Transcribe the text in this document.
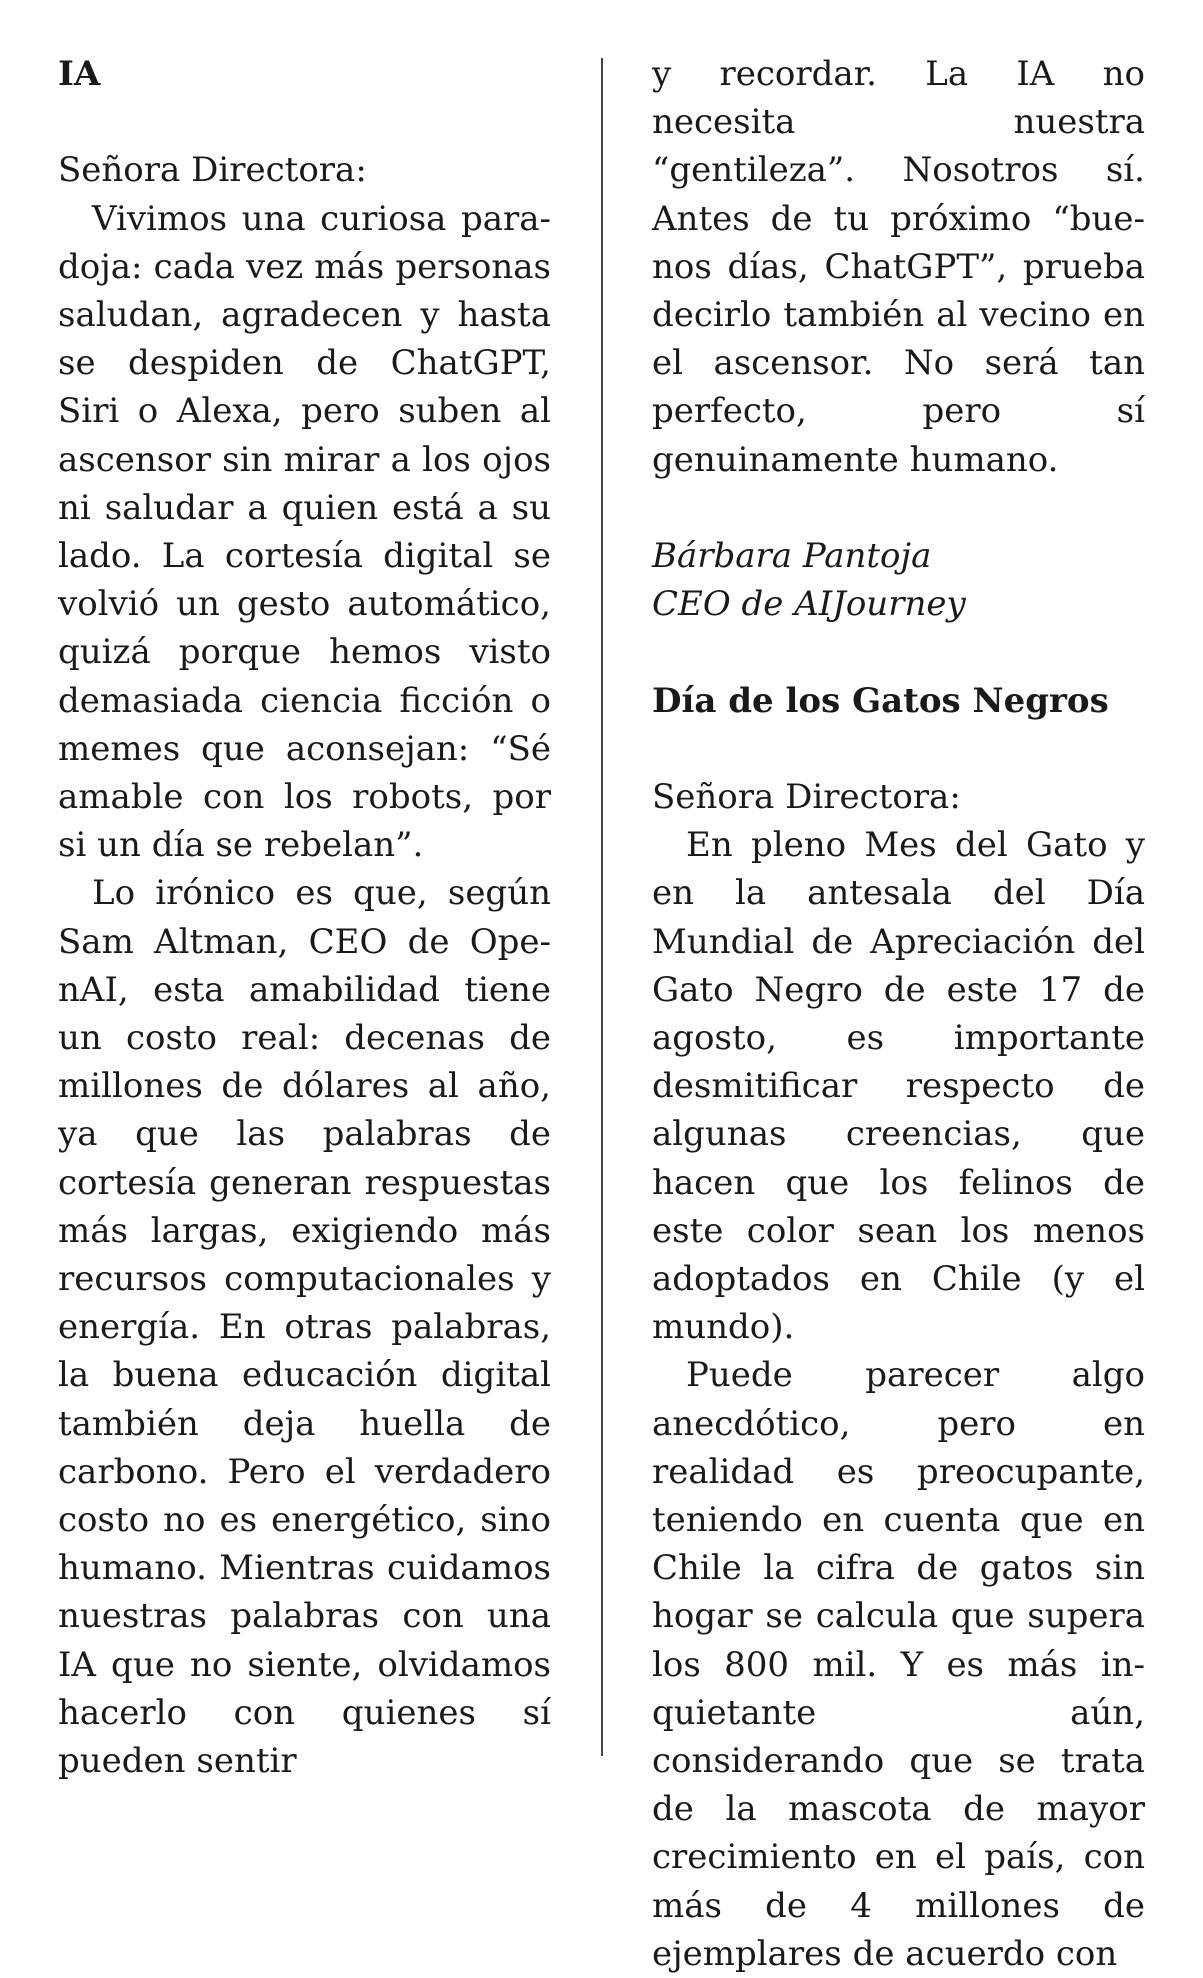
IA

Señora Directora:

Vivimos una curiosa paradoja: cada vez más personas saludan, agradecen y hasta se despiden de ChatGPT, Siri o Alexa, pero suben al ascensor sin mirar a los ojos ni saludar a quien está a su lado. La cortesía digital se volvió un gesto automático, quizá porque hemos visto demasiada ciencia ficción o memes que aconsejan: “Sé amable con los robots, por si un día se rebelan”.

Lo irónico es que, según Sam Altman, CEO de OpenAI, esta amabilidad tiene un costo real: decenas de millones de dólares al año, ya que las palabras de cortesía generan respuestas más largas, exigiendo más recursos computacionales y energía. En otras palabras, la buena educación digital también deja huella de carbono. Pero el verdadero costo no es energético, sino humano. Mientras cuidamos nuestras palabras con una IA que no siente, olvidamos hacerlo con quienes sí pueden sentir

y recordar. La IA no necesita nuestra “gentileza”. Nosotros sí. Antes de tu próximo “buenos días, ChatGPT”, prueba decirlo también al vecino en el ascensor. No será tan perfecto, pero sí genuinamente humano.

Bárbara Pantoja

CEO de AIJourney

Día de los Gatos Negros

Señora Directora:

En pleno Mes del Gato y en la antesala del Día Mundial de Apreciación del Gato Negro de este 17 de agosto, es importante desmitificar respecto de algunas creencias, que hacen que los felinos de este color sean los menos adoptados en Chile (y el mundo).

Puede parecer algo anecdótico, pero en realidad es preocupante, teniendo en cuenta que en Chile la cifra de gatos sin hogar se calcula que supera los 800 mil. Y es más inquietante aún, considerando que se trata de la mascota de mayor crecimiento en el país, con más de 4 millones de ejemplares de acuerdo con
